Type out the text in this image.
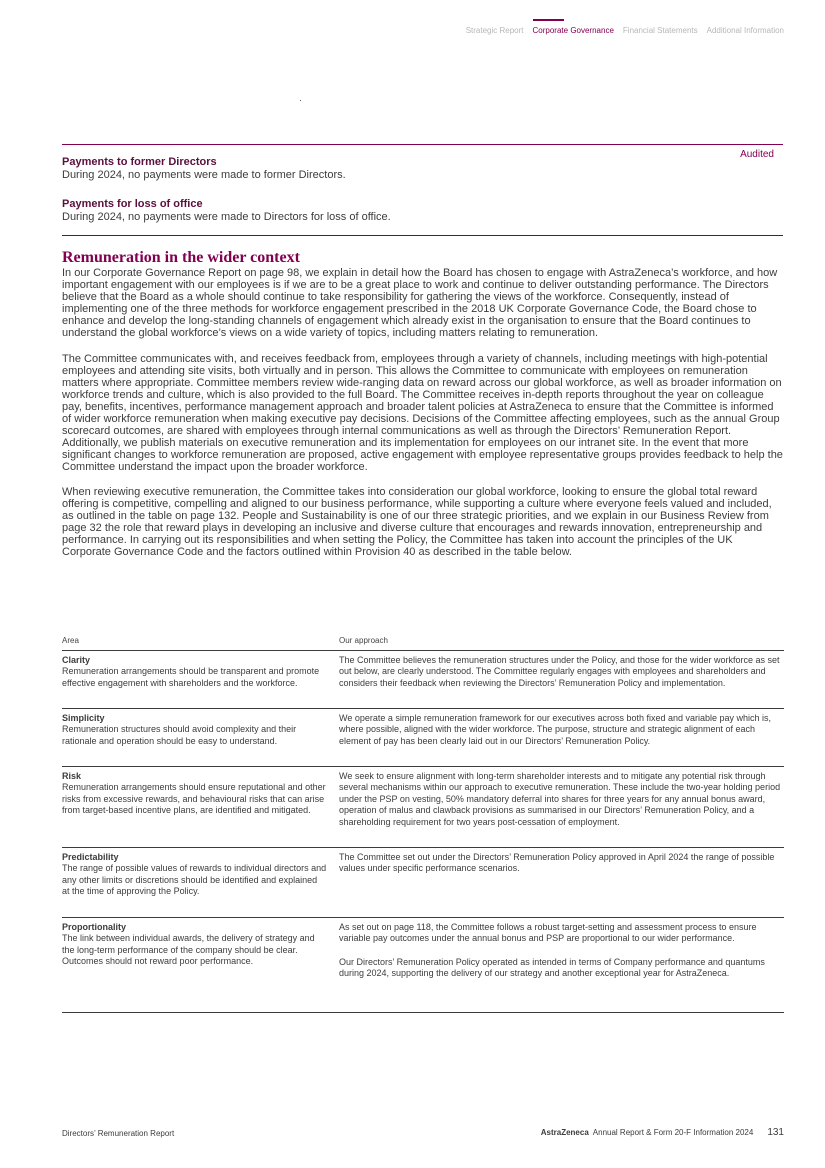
Strategic Report Corporate Governance Financial Statements Additional Information
Audited
Payments to former Directors
During 2024, no payments were made to former Directors.
Payments for loss of office
During 2024, no payments were made to Directors for loss of office.
Remuneration in the wider context

In our Corporate Governance Report on page 98, we explain in detail how the Board has chosen to engage with AstraZeneca’s workforce, and how important engagement with our employees is if we are to be a great place to work and continue to deliver outstanding performance. The Directors believe that the Board as a whole should continue to take responsibility for gathering the views of the workforce. Consequently, instead of implementing one of the three methods for workforce engagement prescribed in the 2018 UK Corporate Governance Code, the Board chose to enhance and develop the long-standing channels of engagement which already exist in the organisation to ensure that the Board continues to understand the global workforce’s views on a wide variety of topics, including matters relating to remuneration.

The Committee communicates with, and receives feedback from, employees through a variety of channels, including meetings with high-potential employees and attending site visits, both virtually and in person. This allows the Committee to communicate with employees on remuneration matters where appropriate. Committee members review wide-ranging data on reward across our global workforce, as well as broader information on workforce trends and culture, which is also provided to the full Board. The Committee receives in-depth reports throughout the year on colleague pay, benefits, incentives, performance management approach and broader talent policies at AstraZeneca to ensure that the Committee is informed of wider workforce remuneration when making executive pay decisions. Decisions of the Committee affecting employees, such as the annual Group scorecard outcomes, are shared with employees through internal communications as well as through the Directors’ Remuneration Report. Additionally, we publish materials on executive remuneration and its implementation for employees on our intranet site. In the event that more significant changes to workforce remuneration are proposed, active engagement with employee representative groups provides feedback to help the Committee understand the impact upon the broader workforce.

When reviewing executive remuneration, the Committee takes into consideration our global workforce, looking to ensure the global total reward offering is competitive, compelling and aligned to our business performance, while supporting a culture where everyone feels valued and included, as outlined in the table on page 132. People and Sustainability is one of our three strategic priorities, and we explain in our Business Review from page 32 the role that reward plays in developing an inclusive and diverse culture that encourages and rewards innovation, entrepreneurship and performance. In carrying out its responsibilities and when setting the Policy, the Committee has taken into account the principles of the UK Corporate Governance Code and the factors outlined within Provision 40 as described in the table below.

Area	Our approach
Clarity
Remuneration arrangements should be transparent and promote effective engagement with shareholders and the workforce.

The Committee believes the remuneration structures under the Policy, and those for the wider workforce as set out below, are clearly understood. The Committee regularly engages with employees and shareholders and considers their feedback when reviewing the Directors’ Remuneration Policy and implementation.

Simplicity
Remuneration structures should avoid complexity and their rationale and operation should be easy to understand.

We operate a simple remuneration framework for our executives across both fixed and variable pay which is, where possible, aligned with the wider workforce. The purpose, structure and strategic alignment of each element of pay has been clearly laid out in our Directors’ Remuneration Policy.

Risk
Remuneration arrangements should ensure reputational and other risks from excessive rewards, and behavioural risks that can arise from target-based incentive plans, are identified and mitigated.

We seek to ensure alignment with long-term shareholder interests and to mitigate any potential risk through several mechanisms within our approach to executive remuneration. These include the two-year holding period under the PSP on vesting, 50% mandatory deferral into shares for three years for any annual bonus award, operation of malus and clawback provisions as summarised in our Directors’ Remuneration Policy, and a shareholding requirement for two years post-cessation of employment.

Predictability
The range of possible values of rewards to individual directors and any other limits or discretions should be identified and explained at the time of approving the Policy.

The Committee set out under the Directors’ Remuneration Policy approved in April 2024 the range of possible values under specific performance scenarios.

Proportionality
The link between individual awards, the delivery of strategy and the long-term performance of the company should be clear. Outcomes should not reward poor performance.

As set out on page 118, the Committee follows a robust target-setting and assessment process to ensure variable pay outcomes under the annual bonus and PSP are proportional to our wider performance.

Our Directors’ Remuneration Policy operated as intended in terms of Company performance and quantums during 2024, supporting the delivery of our strategy and another exceptional year for AstraZeneca.

Directors’ Remuneration Report	AstraZeneca Annual Report & Form 20-F Information 2024 131
